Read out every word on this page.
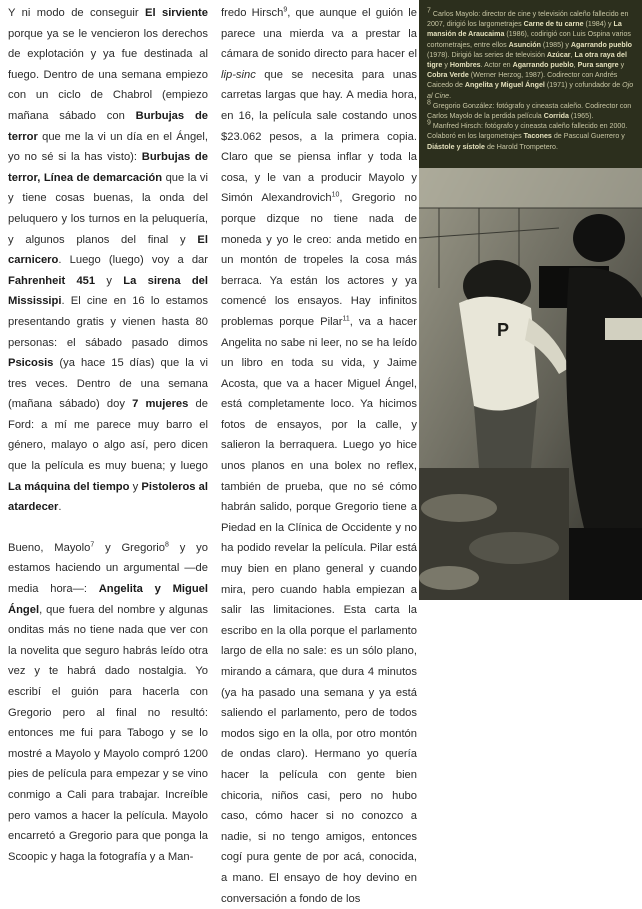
Y ni modo de conseguir El sirviente porque ya se le vencieron los derechos de explotación y ya fue destinada al fuego. Dentro de una semana empiezo con un ciclo de Chabrol (empiezo mañana sábado con Burbujas de terror que me la vi un día en el Ángel, yo no sé si la has visto): Burbujas de terror, Línea de demarcación que la vi y tiene cosas buenas, la onda del peluquero y los turnos en la peluquería, y algunos planos del final y El carnicero. Luego (luego) voy a dar Fahrenheit 451 y La sirena del Mississipi. El cine en 16 lo estamos presentando gratis y vienen hasta 80 personas: el sábado pasado dimos Psicosis (ya hace 15 días) que la vi tres veces. Dentro de una semana (mañana sábado) doy 7 mujeres de Ford: a mí me parece muy barro el género, malayo o algo así, pero dicen que la película es muy buena; y luego La máquina del tiempo y Pistoleros al atardecer.

Bueno, Mayolo$^7$ y Gregorio$^8$ y yo estamos haciendo un argumental —de media hora—: Angelita y Miguel Ángel, que fuera del nombre y algunas onditas más no tiene nada que ver con la novelita que seguro habrás leído otra vez y te habrá dado nostalgia. Yo escribí el guión para hacerla con Gregorio pero al final no resultó: entonces me fui para Tabogo y se lo mostré a Mayolo y Mayolo compró 1200 pies de película para empezar y se vino conmigo a Cali para trabajar. Increíble pero vamos a hacer la película. Mayolo encarretó a Gregorio para que ponga la Scoopic y haga la fotografía y a Man-

fredo Hirsch$^9$, que aunque el guión le parece una mierda va a prestar la cámara de sonido directo para hacer el lip-sinc que se necesita para unas carretas largas que hay. A media hora, en 16, la película sale costando unos $23.062 pesos, a la primera copia. Claro que se piensa inflar y toda la cosa, y le van a producir Mayolo y Simón Alexandrovich$^{10}$, Gregorio no porque dizque no tiene nada de moneda y yo le creo: anda metido en un montón de tropeles la cosa más berraca. Ya están los actores y ya comencé los ensayos. Hay infinitos problemas porque Pilar$^{11}$, va a hacer Angelita no sabe ni leer, no se ha leído un libro en toda su vida, y Jaime Acosta, que va a hacer Miguel Ángel, está completamente loco. Ya hicimos fotos de ensayos, por la calle, y salieron la berraquera. Luego yo hice unos planos en una bolex no reflex, también de prueba, que no sé cómo habrán salido, porque Gregorio tiene a Piedad en la Clínica de Occidente y no ha podido revelar la película. Pilar está muy bien en plano general y cuando mira, pero cuando habla empiezan a salir las limitaciones. Esta carta la escribo en la olla porque el parlamento largo de ella no sale: es un sólo plano, mirando a cámara, que dura 4 minutos (ya ha pasado una semana y ya está saliendo el parlamento, pero de todos modos sigo en la olla, por otro montón de ondas claro). Hermano yo quería hacer la película con gente bien chicoria, niños casi, pero no hubo caso, cómo hacer si no conozco a nadie, si no tengo amigos, entonces cogí pura gente de por acá, conocida, a mano. El ensayo de hoy devino en conversación a fondo de los

$^7$ Carlos Mayolo: director de cine y televisión caleño fallecido en 2007, dirigió los largometrajes Carne de tu carne (1984) y La mansión de Araucaima (1986), codirigió con Luis Ospina varios cortometrajes, entre ellos Asunción (1985) y Agarrando pueblo (1978). Dirigió las series de televisión Azúcar, La otra raya del tigre y Hombres. Actor en Agarrando pueblo, Pura sangre y Cobra Verde (Werner Herzog, 1987). Codirector con Andrés Caicedo de Angelita y Miguel Ángel (1971) y cofundador de Ojo al Cine.

$^8$ Gregorio González: fotógrafo y cineasta caleño. Codirector con Carlos Mayolo de la perdida película Corrida (1965).

$^9$ Manfred Hirsch: fotógrafo y cineasta caleño fallecido en 2000. Colaboró en los largometrajes Tacones de Pascual Guerrero y Diástole y sístole de Harold Trompetero.

P
